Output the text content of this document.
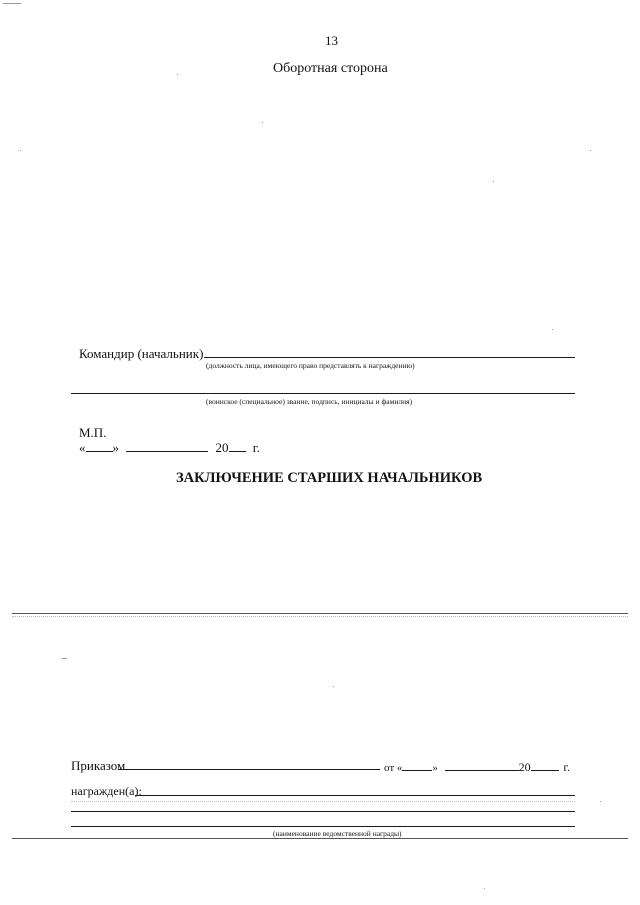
13
Оборотная сторона
Командир (начальник)
(должность лица, имеющего право представлять к награждению)
(воинское (специальное) звание, подпись, инициалы и фамилия)
М.П.
« »	20 г.
ЗАКЛЮЧЕНИЕ СТАРШИХ НАЧАЛЬНИКОВ
Приказом	от «	»	20	г.
награжден(а):
(наименование ведомственной награды)
